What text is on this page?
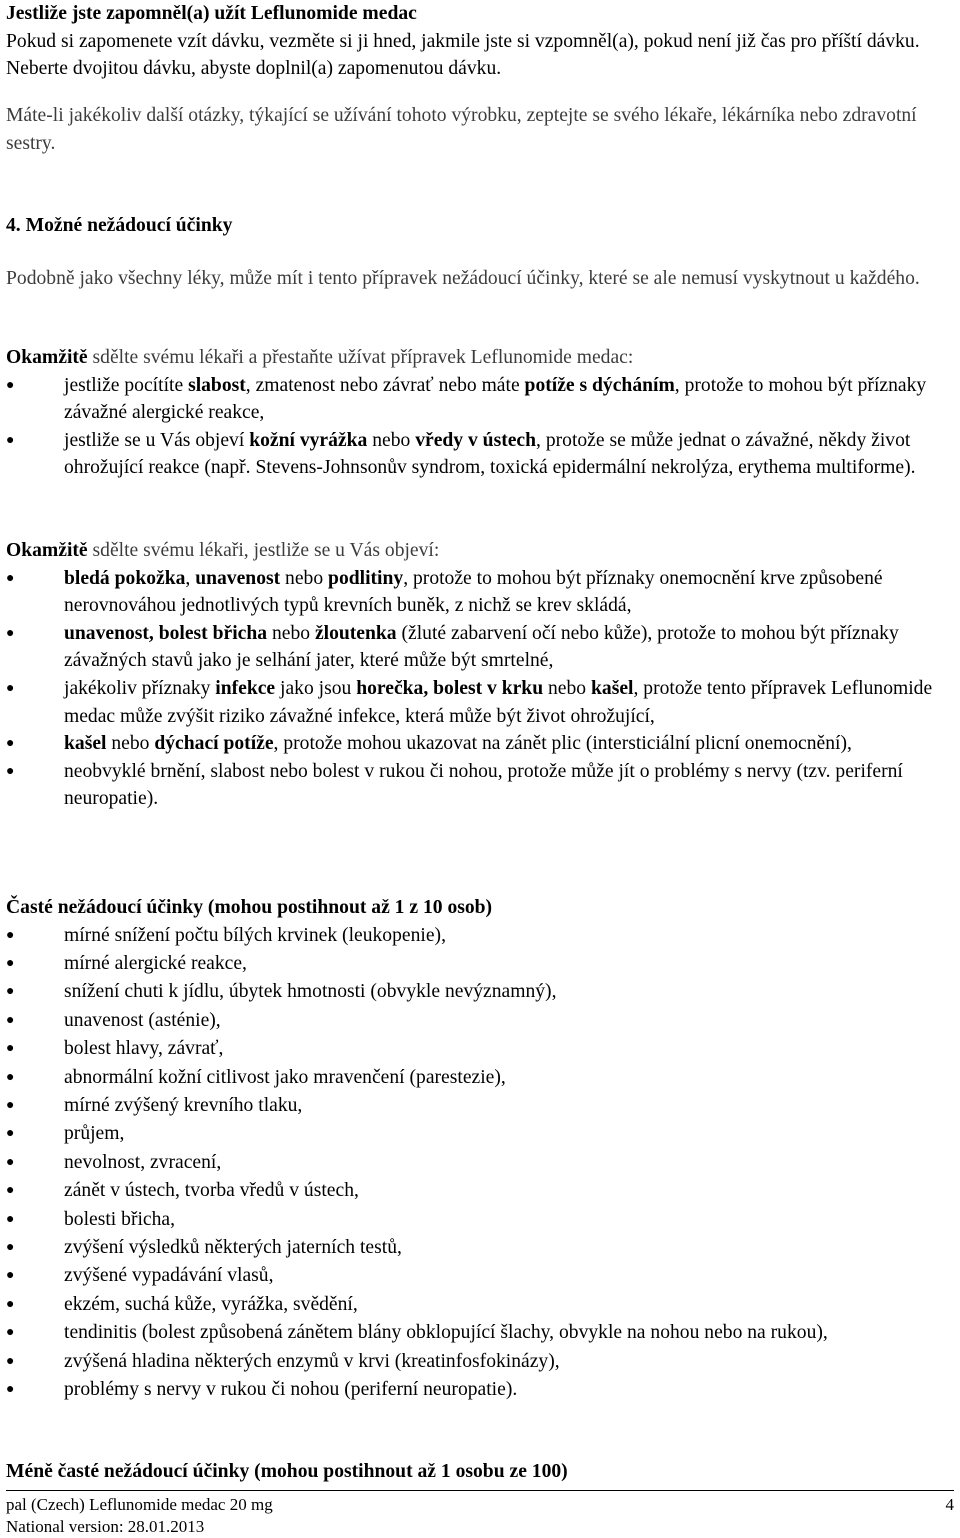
Jestliže jste zapomněl(a) užít Leflunomide medac

Pokud si zapomenete vzít dávku, vezměte si ji hned, jakmile jste si vzpomněl(a), pokud není již čas pro příští dávku. Neberte dvojitou dávku, abyste doplnil(a) zapomenutou dávku.

Máte-li jakékoliv další otázky, týkající se užívání tohoto výrobku, zeptejte se svého lékaře, lékárníka nebo zdravotní sestry.

4. Možné nežádoucí účinky
Podobně jako všechny léky, může mít i tento přípravek nežádoucí účinky, které se ale nemusí vyskytnout u každého.

Okamžitě sdělte svému lékaři a přestaňte užívat přípravek Leflunomide medac:

● jestliže pocítíte slabost, zmatenost nebo závrať nebo máte potíže s dýcháním, protože to mohou být příznaky závažné alergické reakce,
● jestliže se u Vás objeví kožní vyrážka nebo vředy v ústech, protože se může jednat o závažné, někdy život ohrožující reakce (např. Stevens-Johnsonův syndrom, toxická epidermální nekrolýza, erythema multiforme).

Okamžitě sdělte svému lékaři, jestliže se u Vás objeví:

● bledá pokožka, unavenost nebo podlitiny, protože to mohou být příznaky onemocnění krve způsobené nerovnováhou jednotlivých typů krevních buněk, z nichž se krev skládá,
● unavenost, bolest břicha nebo žloutenka (žluté zabarvení očí nebo kůže), protože to mohou být příznaky závažných stavů jako je selhání jater, které může být smrtelné,
● jakékoliv příznaky infekce jako jsou horečka, bolest v krku nebo kašel, protože tento přípravek Leflunomide medac může zvýšit riziko závažné infekce, která může být život ohrožující,
● kašel nebo dýchací potíže, protože mohou ukazovat na zánět plic (intersticiální plicní onemocnění),
● neobvyklé brnění, slabost nebo bolest v rukou či nohou, protože může jít o problémy s nervy (tzv. periferní neuropatie).

Časté nežádoucí účinky (mohou postihnout až 1 z 10 osob)

● mírné snížení počtu bílých krvinek (leukopenie),
● mírné alergické reakce,
● snížení chuti k jídlu, úbytek hmotnosti (obvykle nevýznamný),
● unavenost (asténie),
● bolest hlavy, závrať,
● abnormální kožní citlivost jako mravenčení (parestezie),
● mírné zvýšený krevního tlaku,
● průjem,
● nevolnost, zvracení,
● zánět v ústech, tvorba vředů v ústech,
● bolesti břicha,
● zvýšení výsledků některých jaterních testů,
● zvýšené vypadávání vlasů,
● ekzém, suchá kůže, vyrážka, svědění,
● tendinitis (bolest způsobená zánětem blány obklopující šlachy, obvykle na nohou nebo na rukou),
● zvýšená hladina některých enzymů v krvi (kreatinfosfokinázy),
● problémy s nervy v rukou či nohou (periferní neuropatie).
Méně časté nežádoucí účinky (mohou postihnout až 1 osobu ze 100)
pal (Czech) Leflunomide medac 20 mg	4
National version: 28.01.2013
